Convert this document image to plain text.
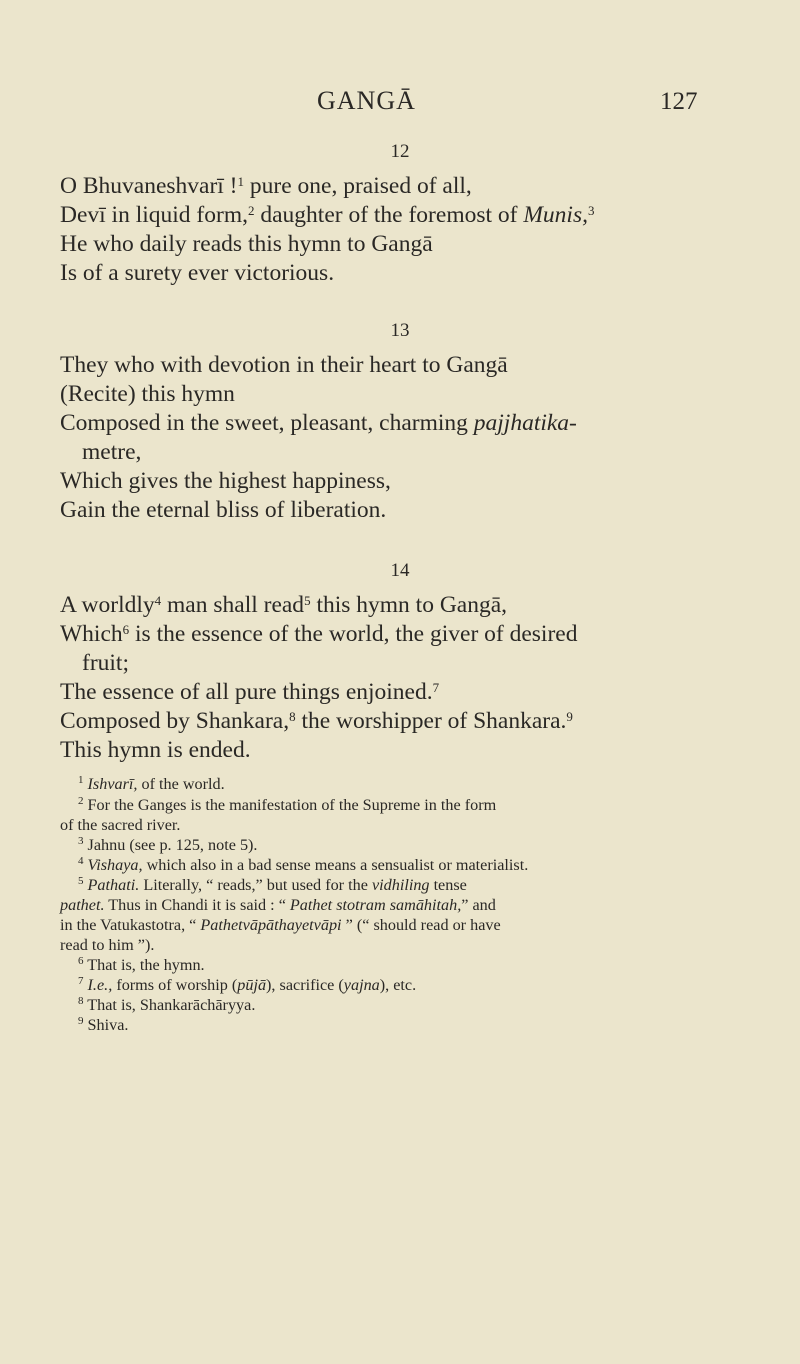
GANGĀ	127
12
O Bhuvaneshvarī !$^1$ pure one, praised of all,
Devī in liquid form,$^2$ daughter of the foremost of Munis,$^3$
He who daily reads this hymn to Gangā
Is of a surety ever victorious.
13
They who with devotion in their heart to Gangā
(Recite) this hymn
Composed in the sweet, pleasant, charming pajjhatika-
metre,
Which gives the highest happiness,
Gain the eternal bliss of liberation.
14
A worldly$^4$ man shall read$^5$ this hymn to Gangā,
Which$^6$ is the essence of the world, the giver of desired
fruit;
The essence of all pure things enjoined.$^7$
Composed by Shankara,$^8$ the worshipper of Shankara.$^9$
This hymn is ended.
$^1$ Ishvarī, of the world.
$^2$ For the Ganges is the manifestation of the Supreme in the form
of the sacred river.
$^3$ Jahnu (see p. 125, note 5).
$^4$ Vishaya, which also in a bad sense means a sensualist or materialist.
$^5$ Pathati. Literally, “ reads,” but used for the vidhiling tense
pathet. Thus in Chandi it is said : “ Pathet stotram samāhitah,” and
in the Vatukastotra, “ Pathetvāpāthayetvāpi ” (“ should read or have
read to him ”).
$^6$ That is, the hymn.
$^7$ I.e., forms of worship (pūjā), sacrifice (yajna), etc.
$^8$ That is, Shankarāchāryya.
$^9$ Shiva.
